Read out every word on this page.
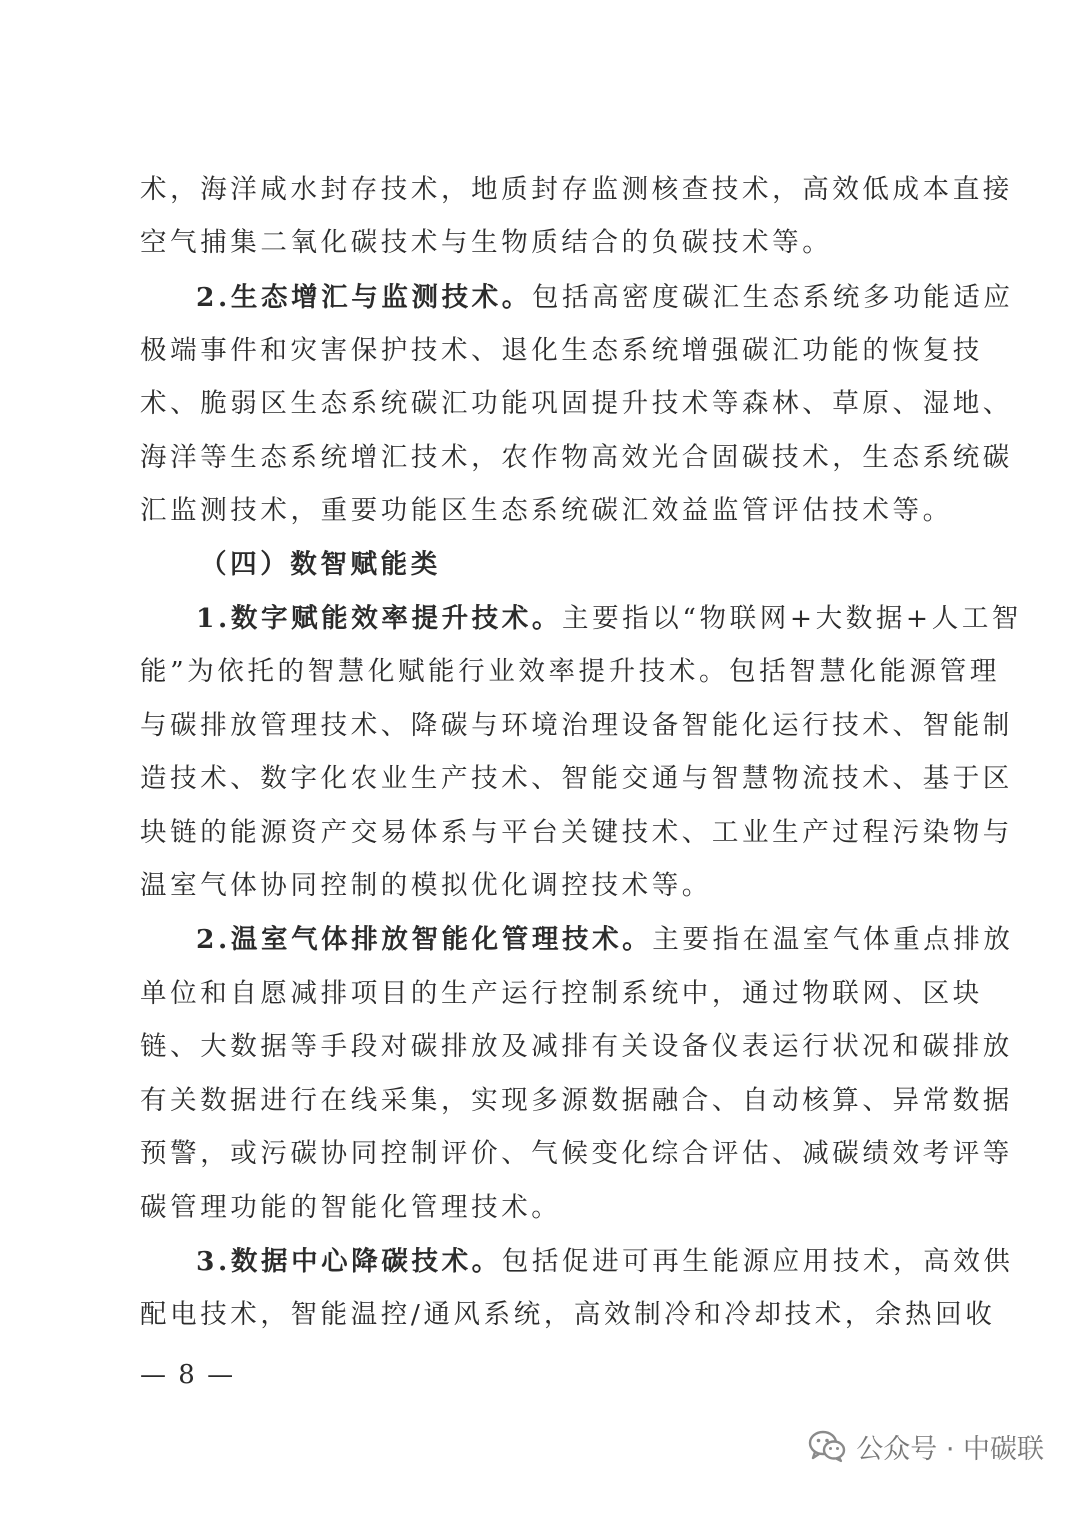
术，海洋咸水封存技术，地质封存监测核查技术，高效低成本直接
空气捕集二氧化碳技术与生物质结合的负碳技术等。
2.生态增汇与监测技术。包括高密度碳汇生态系统多功能适应
极端事件和灾害保护技术、退化生态系统增强碳汇功能的恢复技
术、脆弱区生态系统碳汇功能巩固提升技术等森林、草原、湿地、
海洋等生态系统增汇技术，农作物高效光合固碳技术，生态系统碳
汇监测技术，重要功能区生态系统碳汇效益监管评估技术等。
（四）数智赋能类
1.数字赋能效率提升技术。主要指以“物联网+大数据+人工智
能”为依托的智慧化赋能行业效率提升技术。包括智慧化能源管理
与碳排放管理技术、降碳与环境治理设备智能化运行技术、智能制
造技术、数字化农业生产技术、智能交通与智慧物流技术、基于区
块链的能源资产交易体系与平台关键技术、工业生产过程污染物与
温室气体协同控制的模拟优化调控技术等。
2.温室气体排放智能化管理技术。主要指在温室气体重点排放
单位和自愿减排项目的生产运行控制系统中，通过物联网、区块
链、大数据等手段对碳排放及减排有关设备仪表运行状况和碳排放
有关数据进行在线采集，实现多源数据融合、自动核算、异常数据
预警，或污碳协同控制评价、气候变化综合评估、减碳绩效考评等
碳管理功能的智能化管理技术。
3.数据中心降碳技术。包括促进可再生能源应用技术，高效供
配电技术，智能温控/通风系统，高效制冷和冷却技术，余热回收
— 8 —
公众号 · 中碳联
